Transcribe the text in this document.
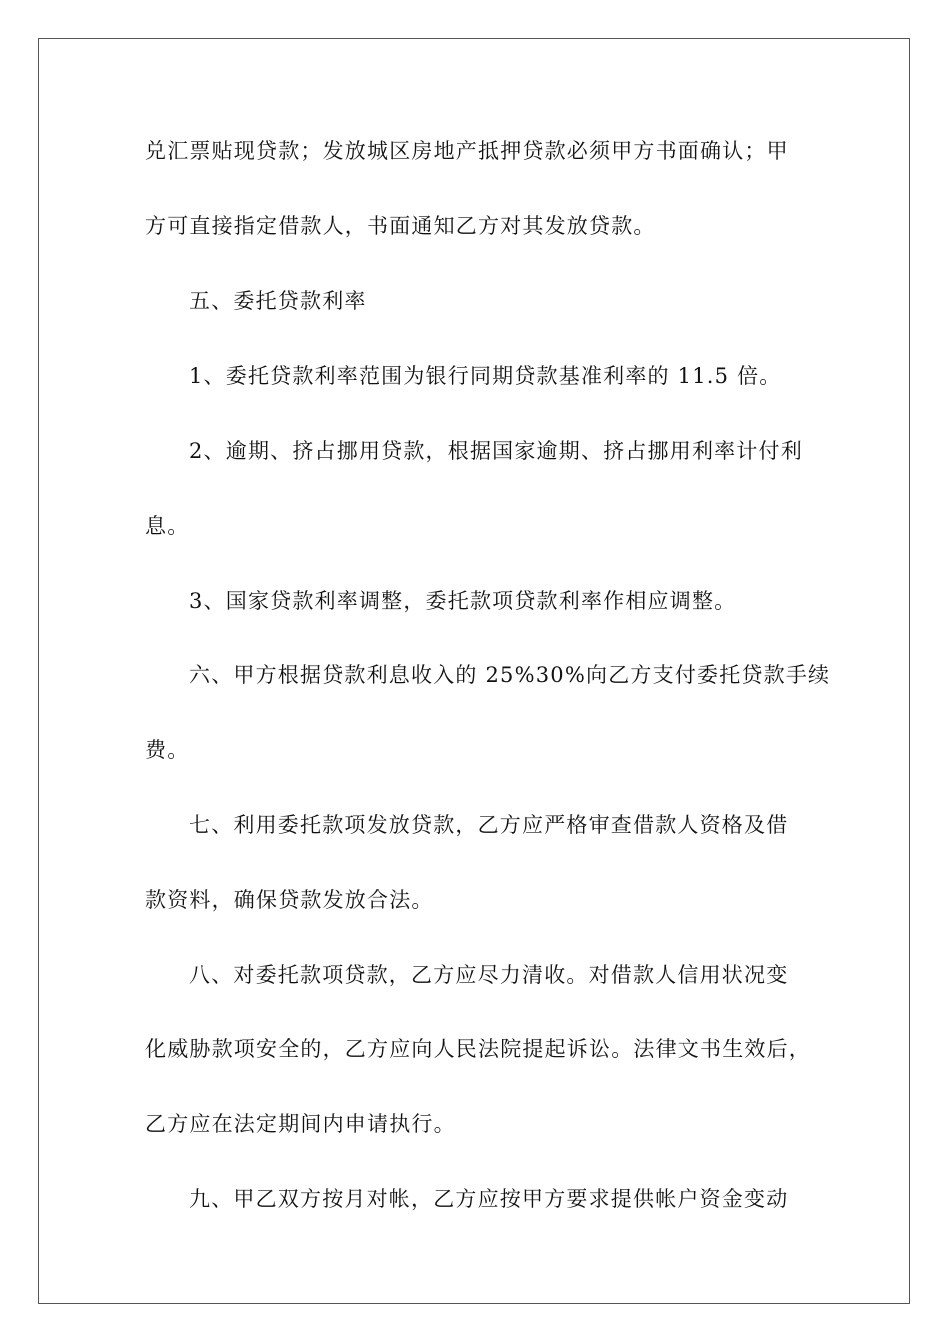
兑汇票贴现贷款；发放城区房地产抵押贷款必须甲方书面确认；甲
方可直接指定借款人，书面通知乙方对其发放贷款。
五、委托贷款利率
1、委托贷款利率范围为银行同期贷款基准利率的 11.5 倍。
2、逾期、挤占挪用贷款，根据国家逾期、挤占挪用利率计付利
息。
3、国家贷款利率调整，委托款项贷款利率作相应调整。
六、甲方根据贷款利息收入的 25%30%向乙方支付委托贷款手续
费。
七、利用委托款项发放贷款，乙方应严格审查借款人资格及借
款资料，确保贷款发放合法。
八、对委托款项贷款，乙方应尽力清收。对借款人信用状况变
化威胁款项安全的，乙方应向人民法院提起诉讼。法律文书生效后，
乙方应在法定期间内申请执行。
九、甲乙双方按月对帐，乙方应按甲方要求提供帐户资金变动
